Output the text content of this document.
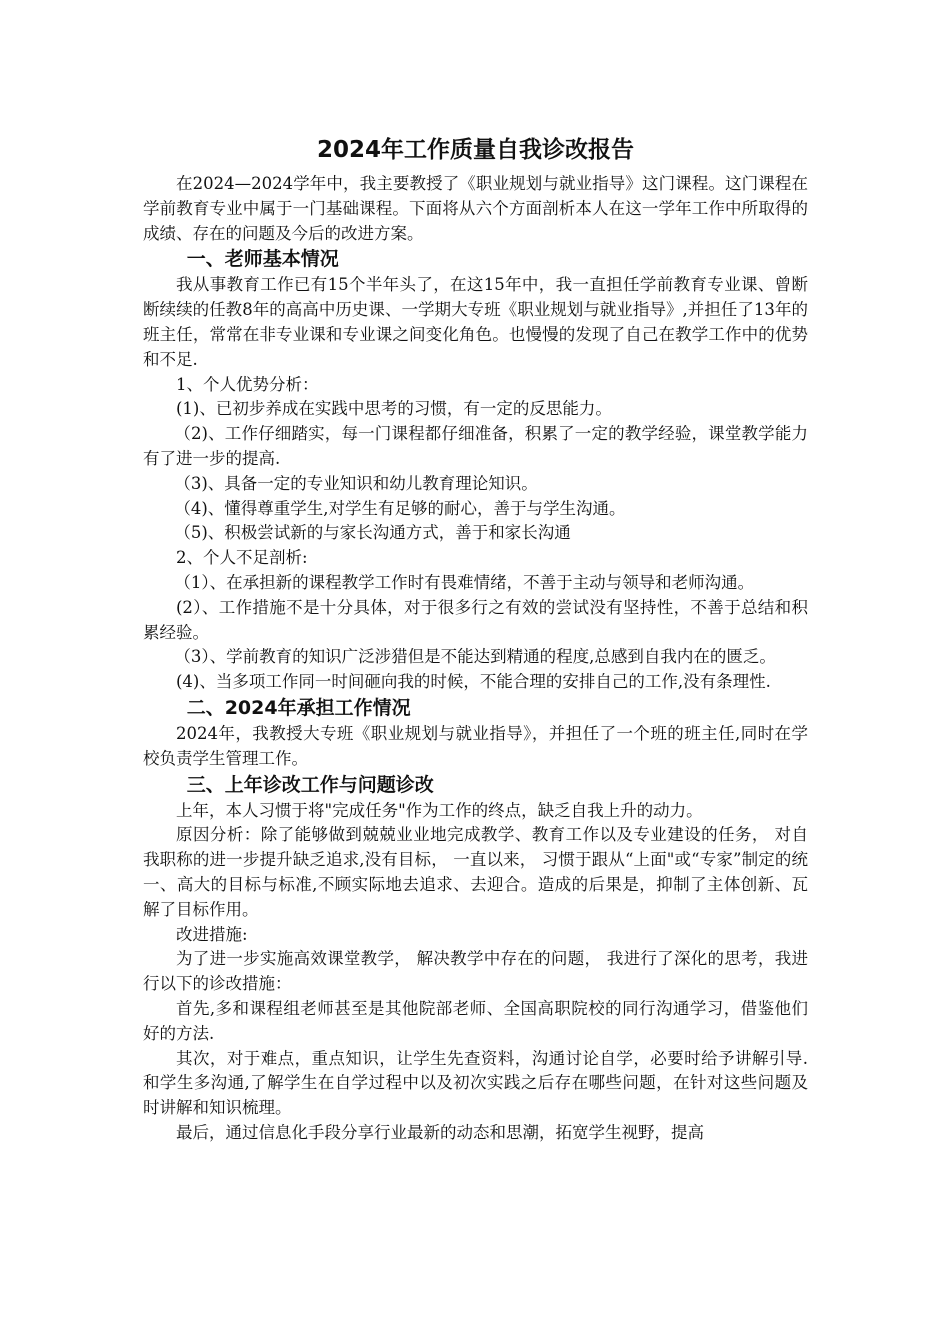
2024年工作质量自我诊改报告

在2024—2024学年中，我主要教授了《职业规划与就业指导》这门课程。这门课程在学前教育专业中属于一门基础课程。下面将从六个方面剖析本人在这一学年工作中所取得的成绩、存在的问题及今后的改进方案。

一、老师基本情况

我从事教育工作已有15个半年头了，在这15年中，我一直担任学前教育专业课、曾断断续续的任教8年的高高中历史课、一学期大专班《职业规划与就业指导》,并担任了13年的班主任，常常在非专业课和专业课之间变化角色。也慢慢的发现了自己在教学工作中的优势和不足.

1、个人优势分析：

(1)、已初步养成在实践中思考的习惯，有一定的反思能力。

（2)、工作仔细踏实，每一门课程都仔细准备，积累了一定的教学经验，课堂教学能力有了进一步的提高.

（3)、具备一定的专业知识和幼儿教育理论知识。

（4)、懂得尊重学生,对学生有足够的耐心，善于与学生沟通。

（5)、积极尝试新的与家长沟通方式，善于和家长沟通

2、个人不足剖析:

（1）、在承担新的课程教学工作时有畏难情绪，不善于主动与领导和老师沟通。

(2）、工作措施不是十分具体，对于很多行之有效的尝试没有坚持性，不善于总结和积累经验。

（3）、学前教育的知识广泛涉猎但是不能达到精通的程度,总感到自我内在的匮乏。

(4)、当多项工作同一时间砸向我的时候，不能合理的安排自己的工作,没有条理性.

二、2024年承担工作情况

2024年，我教授大专班《职业规划与就业指导》，并担任了一个班的班主任,同时在学校负责学生管理工作。

三、上年诊改工作与问题诊改

上年，本人习惯于将"完成任务"作为工作的终点，缺乏自我上升的动力。

原因分析：除了能够做到兢兢业业地完成教学、教育工作以及专业建设的任务， 对自我职称的进一步提升缺乏追求,没有目标， 一直以来， 习惯于跟从“上面"或“专家”制定的统一、高大的目标与标准,不顾实际地去追求、去迎合。造成的后果是，抑制了主体创新、瓦解了目标作用。

改进措施:

为了进一步实施高效课堂教学， 解决教学中存在的问题， 我进行了深化的思考，我进行以下的诊改措施：

首先,多和课程组老师甚至是其他院部老师、全国高职院校的同行沟通学习，借鉴他们好的方法.

其次，对于难点，重点知识，让学生先查资料，沟通讨论自学，必要时给予讲解引导.和学生多沟通,了解学生在自学过程中以及初次实践之后存在哪些问题，在针对这些问题及时讲解和知识梳理。

最后，通过信息化手段分享行业最新的动态和思潮，拓宽学生视野，提高
